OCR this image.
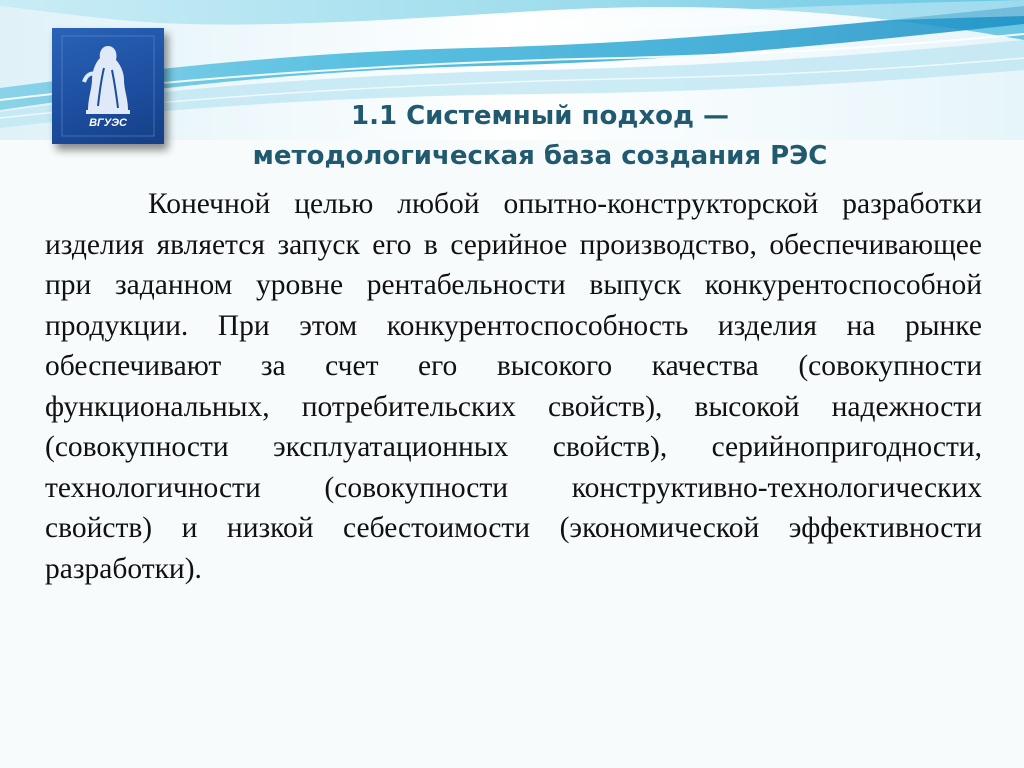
ВГУЭС	1.1 Системный подход —
методологическая база создания РЭС

Конечной целью любой опытно-конструкторской разработки изделия является запуск его в серийное производство, обеспечивающее при заданном уровне рентабельности выпуск конкурентоспособной продукции. При этом конкурентоспособность изделия на рынке обеспечивают за счет его высокого качества (совокупности функциональных, потребительских свойств), высокой надежности (совокупности эксплуатационных свойств), серийнопригодности, технологичности (совокупности конструктивно-технологических свойств) и низкой себестоимости (экономической эффективности разработки).
